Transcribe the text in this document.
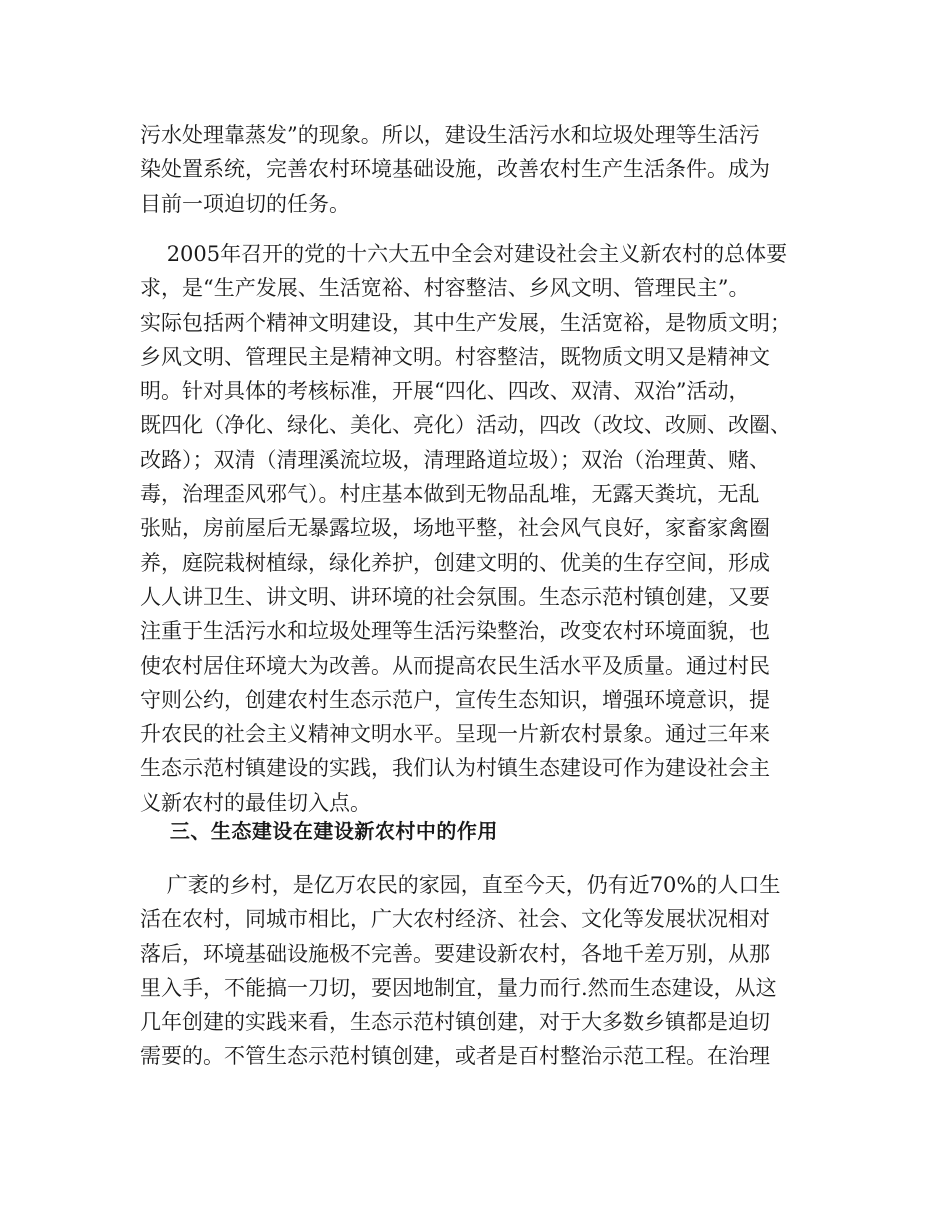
污水处理靠蒸发”的现象。所以，建设生活污水和垃圾处理等生活污
染处置系统，完善农村环境基础设施，改善农村生产生活条件。成为
目前一项迫切的任务。
2005年召开的党的十六大五中全会对建设社会主义新农村的总体要
求，是“生产发展、生活宽裕、村容整洁、乡风文明、管理民主”。
实际包括两个精神文明建设，其中生产发展，生活宽裕，是物质文明；
乡风文明、管理民主是精神文明。村容整洁，既物质文明又是精神文
明。针对具体的考核标准，开展“四化、四改、双清、双治”活动，
既四化（净化、绿化、美化、亮化）活动，四改（改坟、改厕、改圈、
改路）；双清（清理溪流垃圾，清理路道垃圾）；双治（治理黄、赌、
毒，治理歪风邪气）。村庄基本做到无物品乱堆，无露天粪坑，无乱
张贴，房前屋后无暴露垃圾，场地平整，社会风气良好，家畜家禽圈
养，庭院栽树植绿，绿化养护，创建文明的、优美的生存空间，形成
人人讲卫生、讲文明、讲环境的社会氛围。生态示范村镇创建，又要
注重于生活污水和垃圾处理等生活污染整治，改变农村环境面貌，也
使农村居住环境大为改善。从而提高农民生活水平及质量。通过村民
守则公约，创建农村生态示范户，宣传生态知识，增强环境意识，提
升农民的社会主义精神文明水平。呈现一片新农村景象。通过三年来
生态示范村镇建设的实践，我们认为村镇生态建设可作为建设社会主
义新农村的最佳切入点。
三、生态建设在建设新农村中的作用
广袤的乡村，是亿万农民的家园，直至今天，仍有近70%的人口生
活在农村，同城市相比，广大农村经济、社会、文化等发展状况相对
落后，环境基础设施极不完善。要建设新农村，各地千差万别，从那
里入手，不能搞一刀切，要因地制宜，量力而行.然而生态建设，从这
几年创建的实践来看，生态示范村镇创建，对于大多数乡镇都是迫切
需要的。不管生态示范村镇创建，或者是百村整治示范工程。在治理
